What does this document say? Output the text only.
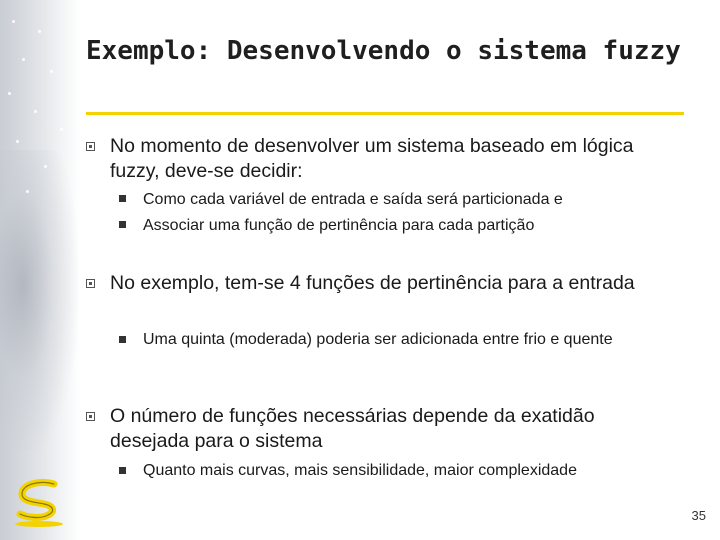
Exemplo: Desenvolvendo o sistema fuzzy
No momento de desenvolver um sistema baseado em lógica fuzzy, deve-se decidir:
Como cada variável de entrada e saída será particionada e
Associar uma função de pertinência para cada partição
No exemplo, tem-se 4 funções de pertinência para a entrada
Uma quinta (moderada) poderia ser adicionada entre frio e quente
O número de funções necessárias depende da exatidão desejada para o sistema
Quanto mais curvas, mais sensibilidade, maior complexidade
35
